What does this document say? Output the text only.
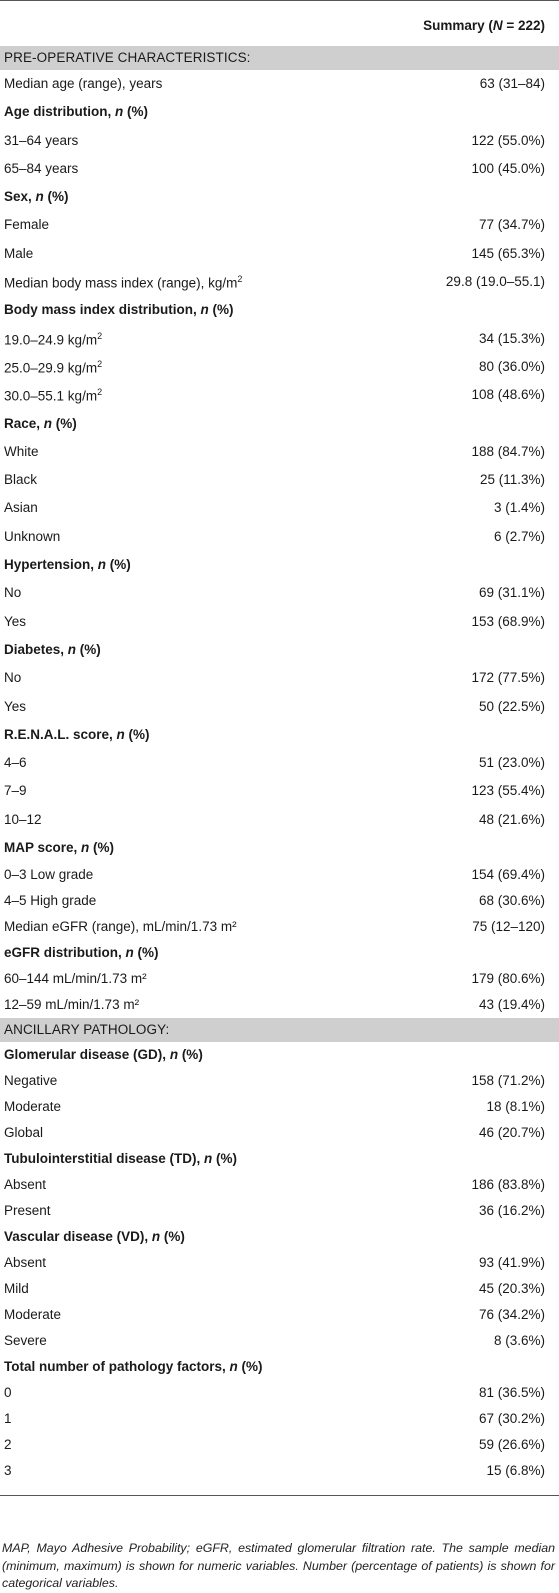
Summary (N = 222)
PRE-OPERATIVE CHARACTERISTICS:
Median age (range), years	63 (31–84)
Age distribution, n (%)
31–64 years	122 (55.0%)
65–84 years	100 (45.0%)
Sex, n (%)
Female	77 (34.7%)
Male	145 (65.3%)
Median body mass index (range), $kg/m^2$	29.8 (19.0–55.1)
Body mass index distribution, n (%)
19.0–24.9 $kg/m^2$	34 (15.3%)
25.0–29.9 $kg/m^2$	80 (36.0%)
30.0–55.1 $kg/m^2$	108 (48.6%)
Race, n (%)
White	188 (84.7%)
Black	25 (11.3%)
Asian	3 (1.4%)
Unknown	6 (2.7%)
Hypertension, n (%)
No	69 (31.1%)
Yes	153 (68.9%)
Diabetes, n (%)
No	172 (77.5%)
Yes	50 (22.5%)
R.E.N.A.L. score, n (%)
4–6	51 (23.0%)
7–9	123 (55.4%)
10–12	48 (21.6%)
MAP score, n (%)
0–3 Low grade	154 (69.4%)
4–5 High grade	68 (30.6%)
Median eGFR (range), mL/min/1.73 m²	75 (12–120)
eGFR distribution, n (%)
60–144 mL/min/1.73 m²	179 (80.6%)
12–59 mL/min/1.73 m²	43 (19.4%)
ANCILLARY PATHOLOGY:
Glomerular disease (GD), n (%)
Negative	158 (71.2%)
Moderate	18 (8.1%)
Global	46 (20.7%)
Tubulointerstitial disease (TD), n (%)
Absent	186 (83.8%)
Present	36 (16.2%)
Vascular disease (VD), n (%)
Absent	93 (41.9%)
Mild	45 (20.3%)
Moderate	76 (34.2%)
Severe	8 (3.6%)
Total number of pathology factors, n (%)
0	81 (36.5%)
1	67 (30.2%)
2	59 (26.6%)
3	15 (6.8%)
MAP, Mayo Adhesive Probability; eGFR, estimated glomerular filtration rate. The sample median (minimum, maximum) is shown for numeric variables. Number (percentage of patients) is shown for categorical variables.
